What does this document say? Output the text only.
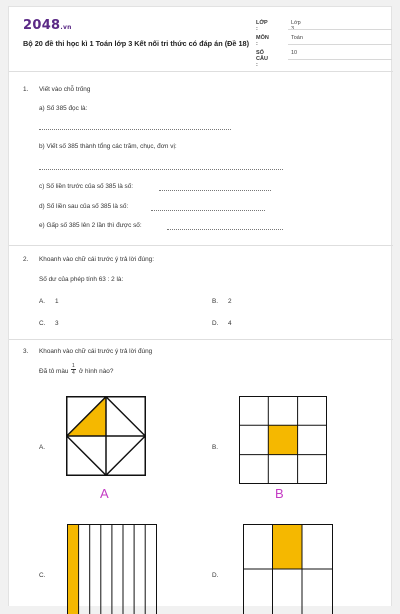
2048.vn
Bộ 20 đề thi học kì 1 Toán lớp 3 Kết nối tri thức có đáp án (Đề 18)
LỚP :
Lớp 3
MÔN :
Toán
SỐ CÂU :
10
1. Viết vào chỗ trống
a) Số 385 đọc là:
b) Viết số 385 thành tổng các trăm, chục, đơn vị:
c) Số liền trước của số 385 là số:
d) Số liền sau của số 385 là số:
e) Gấp số 385 lên 2 lần thì được số:
2. Khoanh vào chữ cái trước ý trả lời đúng:
Số dư của phép tính 63 : 2 là:
A. 1	B. 2
C. 3	D. 4
3. Khoanh vào chữ cái trước ý trả lời đúng
Đã tô màu
1
4 ở hình nào?
A.
A
B.
B
C.	D.
